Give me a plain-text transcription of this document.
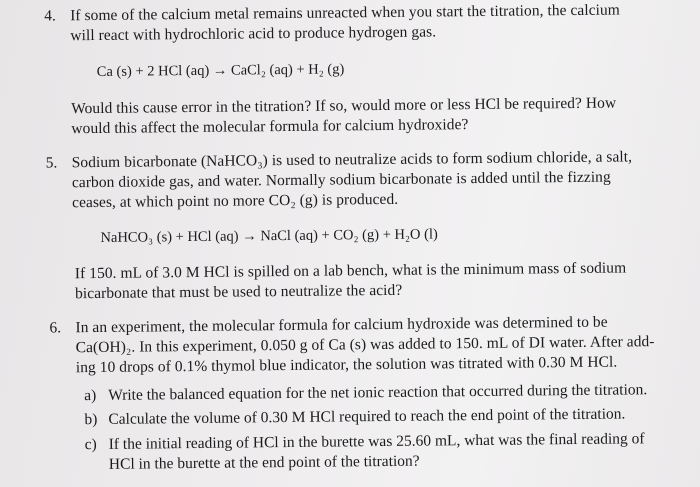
4. If some of the calcium metal remains unreacted when you start the titration, the calcium
will react with hydrochloric acid to produce hydrogen gas.
Ca (s) + 2 HCl (aq) → CaCl₂ (aq) + H₂ (g)
Would this cause error in the titration? If so, would more or less HCl be required? How
would this affect the molecular formula for calcium hydroxide?
5. Sodium bicarbonate (NaHCO₃) is used to neutralize acids to form sodium chloride, a salt,
carbon dioxide gas, and water. Normally sodium bicarbonate is added until the fizzing
ceases, at which point no more CO₂ (g) is produced.
NaHCO₃ (s) + HCl (aq) → NaCl (aq) + CO₂ (g) + H₂O (l)
If 150. mL of 3.0 M HCl is spilled on a lab bench, what is the minimum mass of sodium
bicarbonate that must be used to neutralize the acid?
6. In an experiment, the molecular formula for calcium hydroxide was determined to be
Ca(OH)₂. In this experiment, 0.050 g of Ca (s) was added to 150. mL of DI water. After add-
ing 10 drops of 0.1% thymol blue indicator, the solution was titrated with 0.30 M HCl.
a) Write the balanced equation for the net ionic reaction that occurred during the titration.
b) Calculate the volume of 0.30 M HCl required to reach the end point of the titration.
c) If the initial reading of HCl in the burette was 25.60 mL, what was the final reading of
HCl in the burette at the end point of the titration?
